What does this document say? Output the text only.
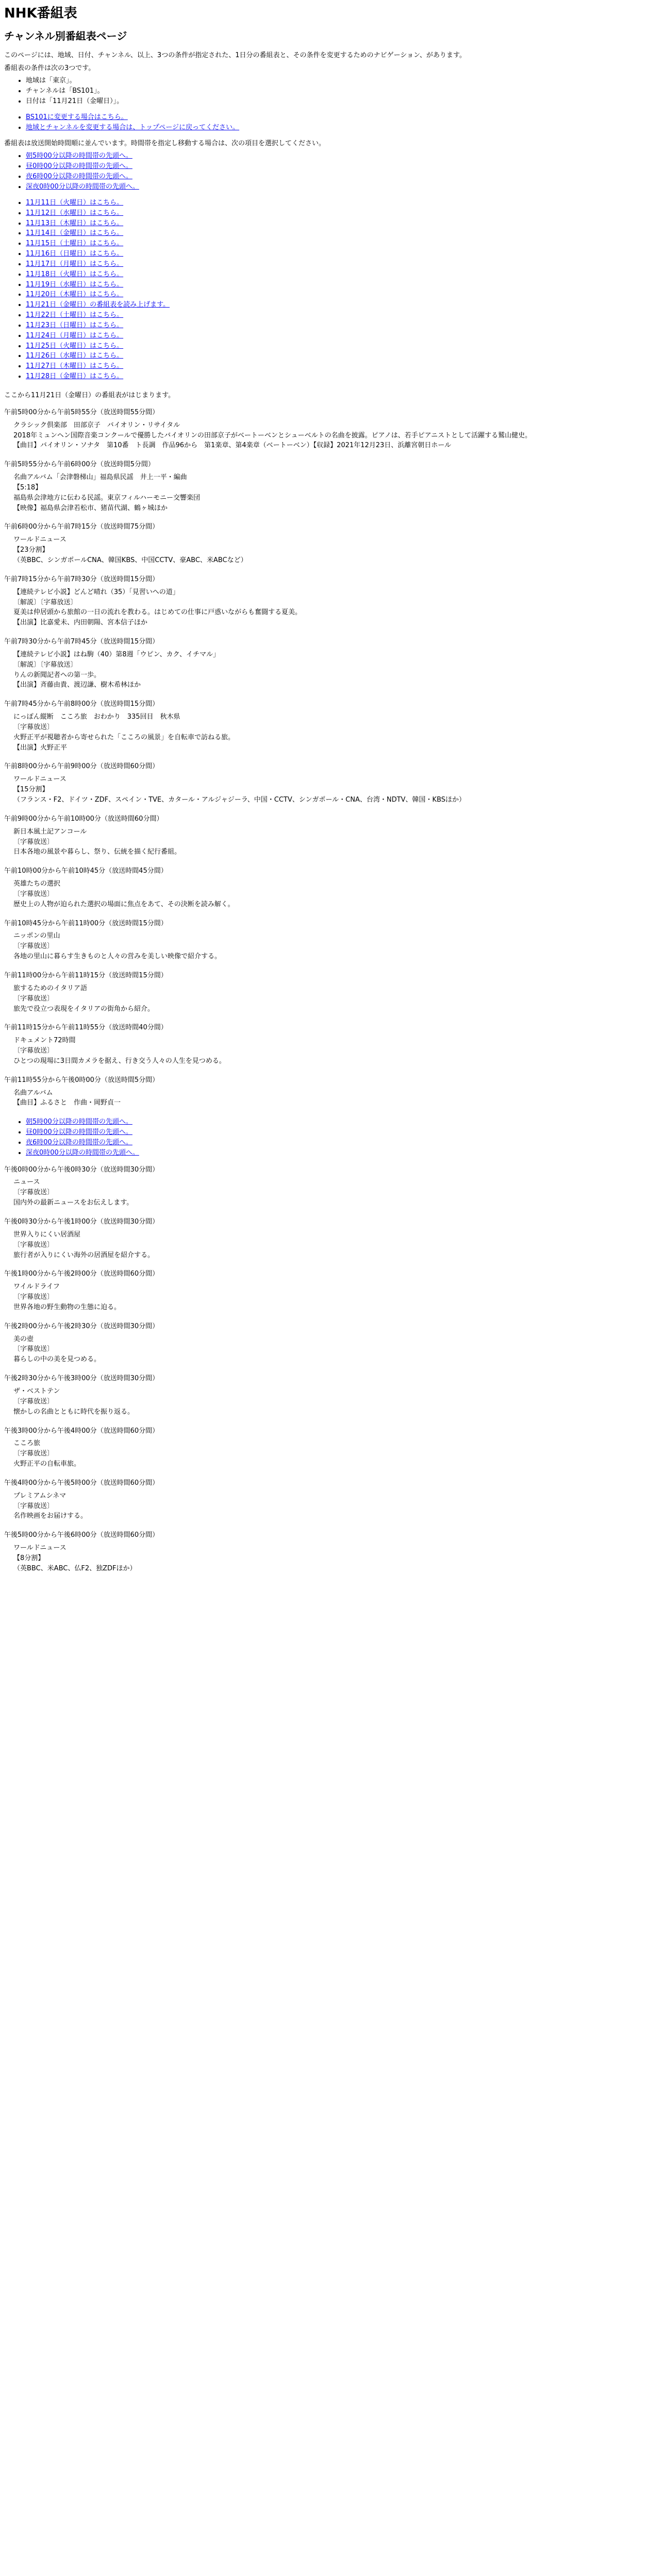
NHK番組表
チャンネル別番組表ページ

このページには、地域、日付、チャンネル、以上、3つの条件が指定された、1日分の番組表と、その条件を変更するためのナビゲーション、があります。

番組表の条件は次の3つです。

• 地域は「東京」。
• チャンネルは「BS101」。
• 日付は「11月21日（金曜日）」。
• BS101に変更する場合はこちら。
• 地域とチャンネルを変更する場合は、トップページに戻ってください。

番組表は放送開始時間順に並んでいます。時間帯を指定し移動する場合は、次の項目を選択してください。

• 朝5時00分以降の時間帯の先頭へ。
• 昼0時00分以降の時間帯の先頭へ。
• 夜6時00分以降の時間帯の先頭へ。
• 深夜0時00分以降の時間帯の先頭へ。
• 11月11日（火曜日）はこちら。
• 11月12日（水曜日）はこちら。
• 11月13日（木曜日）はこちら。
• 11月14日（金曜日）はこちら。
• 11月15日（土曜日）はこちら。
• 11月16日（日曜日）はこちら。
• 11月17日（月曜日）はこちら。
• 11月18日（火曜日）はこちら。
• 11月19日（水曜日）はこちら。
• 11月20日（木曜日）はこちら。
• 11月21日（金曜日）の番組表を読み上げます。
• 11月22日（土曜日）はこちら。
• 11月23日（日曜日）はこちら。
• 11月24日（月曜日）はこちら。
• 11月25日（火曜日）はこちら。
• 11月26日（水曜日）はこちら。
• 11月27日（木曜日）はこちら。
• 11月28日（金曜日）はこちら。

ここから11月21日（金曜日）の番組表がはじまります。

午前5時00分から午前5時55分（放送時間55分間）
クラシック倶楽部　田部京子　バイオリン・リサイタル
2018年ミュンヘン国際音楽コンクールで優勝したバイオリンの田部京子がベートーベンとシューベルトの名曲を披露。ピアノは、若手ピアニストとして活躍する鷲山健史。
【曲目】バイオリン・ソナタ　第10番　ト長調　作品96から　第1楽章、第4楽章（ベートーベン）【収録】2021年12月23日、浜離宮朝日ホール
午前5時55分から午前6時00分（放送時間5分間）
名曲アルバム「会津磐梯山」福島県民謡　井上一平・編曲
【5:18】
福島県会津地方に伝わる民謡。東京フィルハーモニー交響楽団
【映像】福島県会津若松市、猪苗代湖、鶴ヶ城ほか
午前6時00分から午前7時15分（放送時間75分間）
ワールドニュース
【23分割】
（英BBC、シンガポールCNA、韓国KBS、中国CCTV、豪ABC、米ABCなど）
午前7時15分から午前7時30分（放送時間15分間）
【連続テレビ小説】どんど晴れ（35）「見習いへの道」
〔解説〕〔字幕放送〕
夏美は仲居頭から旅館の一日の流れを教わる。はじめての仕事に戸惑いながらも奮闘する夏美。
【出演】比嘉愛未、内田朝陽、宮本信子ほか
午前7時30分から午前7時45分（放送時間15分間）
【連続テレビ小説】はね駒（40）第8週「ウピン、カク、イチマル」
〔解説〕〔字幕放送〕
りんの新聞記者への第一歩。
【出演】斉藤由貴、渡辺謙、樹木希林ほか
午前7時45分から午前8時00分（放送時間15分間）
にっぽん縦断　こころ旅　おわかり　335回目　秋木県
〔字幕放送〕
火野正平が視聴者から寄せられた「こころの風景」を自転車で訪ねる旅。
【出演】火野正平
午前8時00分から午前9時00分（放送時間60分間）
ワールドニュース
【15分割】
（フランス・F2、ドイツ・ZDF、スペイン・TVE、カタール・アルジャジーラ、中国・CCTV、シンガポール・CNA、台湾・NDTV、韓国・KBSほか）
午前9時00分から午前10時00分（放送時間60分間）
新日本風土記アンコール
〔字幕放送〕
日本各地の風景や暮らし、祭り、伝統を描く紀行番組。
午前10時00分から午前10時45分（放送時間45分間）
英雄たちの選択
〔字幕放送〕
歴史上の人物が迫られた選択の場面に焦点をあて、その決断を読み解く。
午前10時45分から午前11時00分（放送時間15分間）
ニッポンの里山
〔字幕放送〕
各地の里山に暮らす生きものと人々の営みを美しい映像で紹介する。
午前11時00分から午前11時15分（放送時間15分間）
旅するためのイタリア語
〔字幕放送〕
旅先で役立つ表現をイタリアの街角から紹介。
午前11時15分から午前11時55分（放送時間40分間）
ドキュメント72時間
〔字幕放送〕
ひとつの現場に3日間カメラを据え、行き交う人々の人生を見つめる。
午前11時55分から午後0時00分（放送時間5分間）
名曲アルバム
【曲目】ふるさと　作曲・岡野貞一
• 朝5時00分以降の時間帯の先頭へ。
• 昼0時00分以降の時間帯の先頭へ。
• 夜6時00分以降の時間帯の先頭へ。
• 深夜0時00分以降の時間帯の先頭へ。
午後0時00分から午後0時30分（放送時間30分間）
ニュース
〔字幕放送〕
国内外の最新ニュースをお伝えします。
午後0時30分から午後1時00分（放送時間30分間）
世界入りにくい居酒屋
〔字幕放送〕
旅行者が入りにくい海外の居酒屋を紹介する。
午後1時00分から午後2時00分（放送時間60分間）
ワイルドライフ
〔字幕放送〕
世界各地の野生動物の生態に迫る。
午後2時00分から午後2時30分（放送時間30分間）
美の壺
〔字幕放送〕
暮らしの中の美を見つめる。
午後2時30分から午後3時00分（放送時間30分間）
ザ・ベストテン
〔字幕放送〕
懐かしの名曲とともに時代を振り返る。
午後3時00分から午後4時00分（放送時間60分間）
こころ旅
〔字幕放送〕
火野正平の自転車旅。
午後4時00分から午後5時00分（放送時間60分間）
プレミアムシネマ
〔字幕放送〕
名作映画をお届けする。
午後5時00分から午後6時00分（放送時間60分間）
ワールドニュース
【8分割】
（英BBC、米ABC、仏F2、独ZDFほか）
